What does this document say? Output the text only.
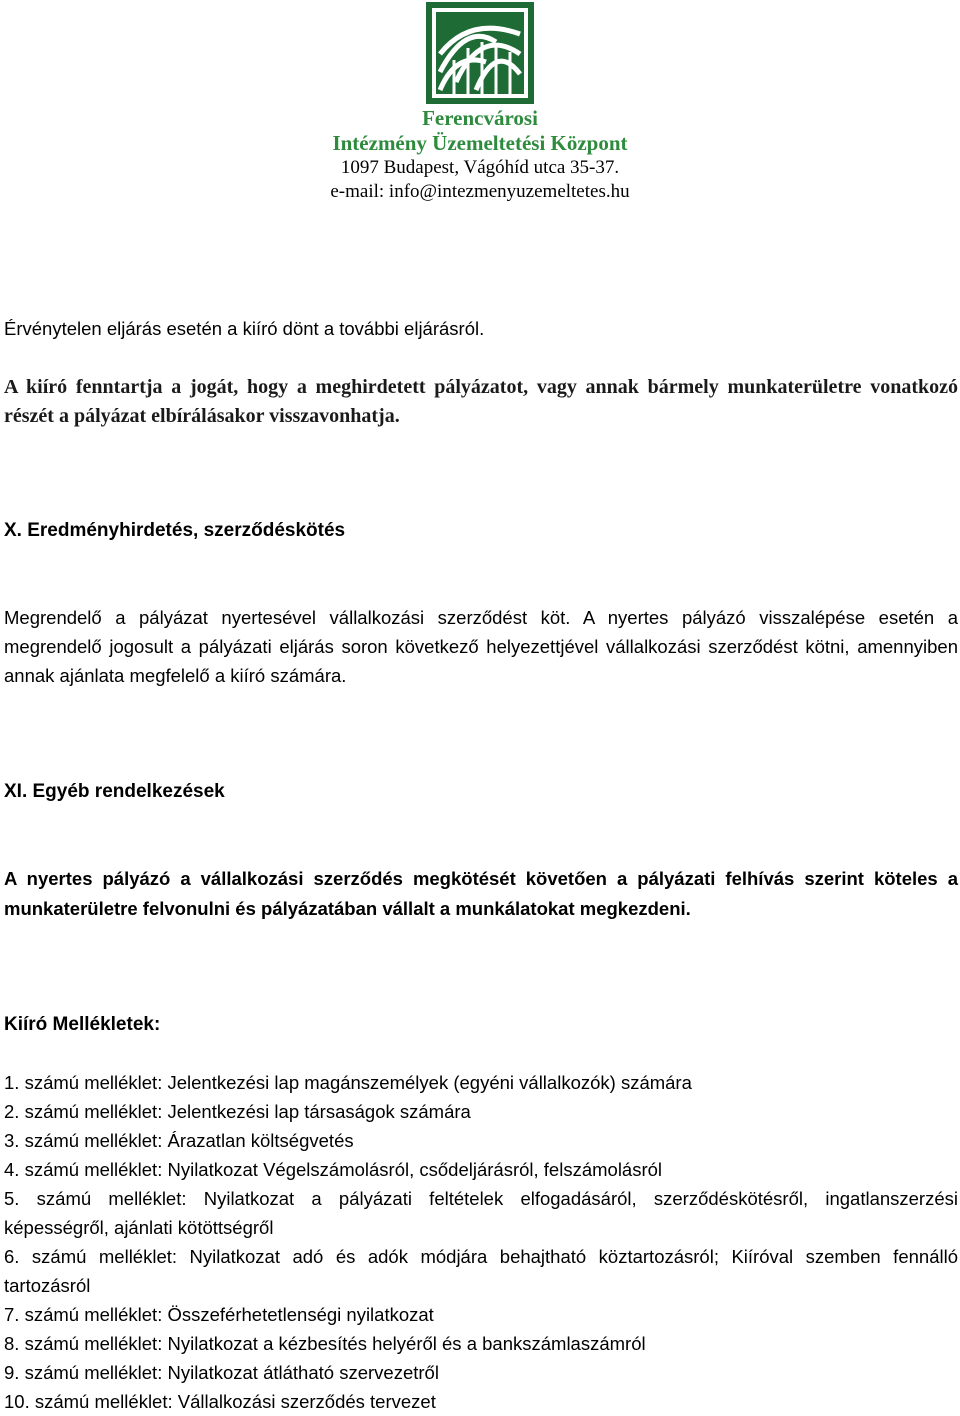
Ferencvárosi
Intézmény Üzemeltetési Központ
1097 Budapest, Vágóhíd utca 35-37.
e-mail: info@intezmenyuzemeltetes.hu

Érvénytelen eljárás esetén a kiíró dönt a további eljárásról.

A kiíró fenntartja a jogát, hogy a meghirdetett pályázatot, vagy annak bármely munkaterületre vonatkozó részét a pályázat elbírálásakor visszavonhatja.

X. Eredményhirdetés, szerződéskötés

Megrendelő a pályázat nyertesével vállalkozási szerződést köt. A nyertes pályázó visszalépése esetén a megrendelő jogosult a pályázati eljárás soron következő helyezettjével vállalkozási szerződést kötni, amennyiben annak ajánlata megfelelő a kiíró számára.

XI. Egyéb rendelkezések

A nyertes pályázó a vállalkozási szerződés megkötését követően a pályázati felhívás szerint köteles a munkaterületre felvonulni és pályázatában vállalt a munkálatokat megkezdeni.

Kiíró Mellékletek:

1. számú melléklet: Jelentkezési lap magánszemélyek (egyéni vállalkozók) számára
2. számú melléklet: Jelentkezési lap társaságok számára
3. számú melléklet: Árazatlan költségvetés
4. számú melléklet: Nyilatkozat Végelszámolásról, csődeljárásról, felszámolásról
5. számú melléklet: Nyilatkozat a pályázati feltételek elfogadásáról, szerződéskötésről, ingatlanszerzési képességről, ajánlati kötöttségről
6. számú melléklet: Nyilatkozat adó és adók módjára behajtható köztartozásról; Kiíróval szemben fennálló tartozásról
7. számú melléklet: Összeférhetetlenségi nyilatkozat
8. számú melléklet: Nyilatkozat a kézbesítés helyéről és a bankszámlaszámról
9. számú melléklet: Nyilatkozat átlátható szervezetről
10. számú melléklet: Vállalkozási szerződés tervezet
